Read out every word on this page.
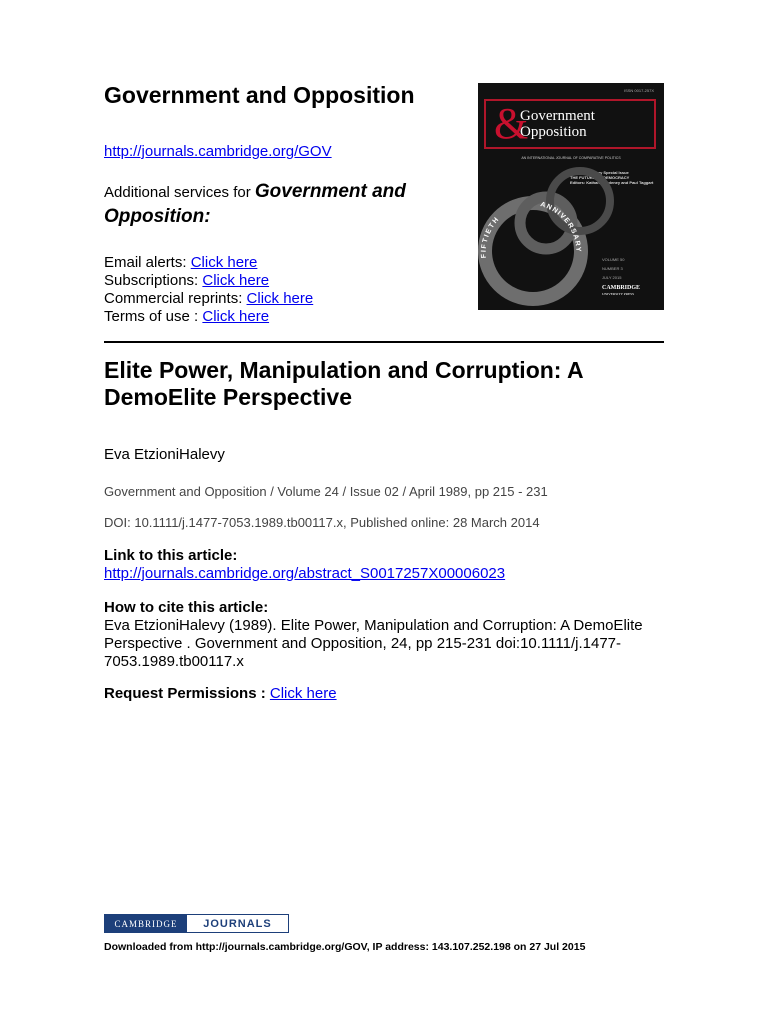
Government and Opposition
http://journals.cambridge.org/GOV
Additional services for Government and Opposition:
Email alerts: Click here
Subscriptions: Click here
Commercial reprints: Click here
Terms of use : Click here
ISSN 0017-257X
&
Government
Opposition
AN INTERNATIONAL JOURNAL OF COMPARATIVE POLITICS
50th Anniversary Special Issue
THE FUTURE OF DEMOCRACY
Editors: Katharine Adeney and Paul Taggart
FIFTIETH
ANNIVERSARY
VOLUME 50
NUMBER 3
JULY 2015
CAMBRIDGE
UNIVERSITY PRESS
Elite Power, Manipulation and Corruption: A DemoElite Perspective
Eva EtzioniHalevy
Government and Opposition / Volume 24 / Issue 02 / April 1989, pp 215 - 231
DOI: 10.1111/j.1477-7053.1989.tb00117.x, Published online: 28 March 2014
Link to this article: http://journals.cambridge.org/abstract_S0017257X00006023
How to cite this article:
Eva EtzioniHalevy (1989). Elite Power, Manipulation and Corruption: A DemoElite Perspective . Government and Opposition, 24, pp 215-231 doi:10.1111/j.1477-7053.1989.tb00117.x
Request Permissions : Click here
CAMBRIDGE	JOURNALS
Downloaded from http://journals.cambridge.org/GOV, IP address: 143.107.252.198 on 27 Jul 2015
